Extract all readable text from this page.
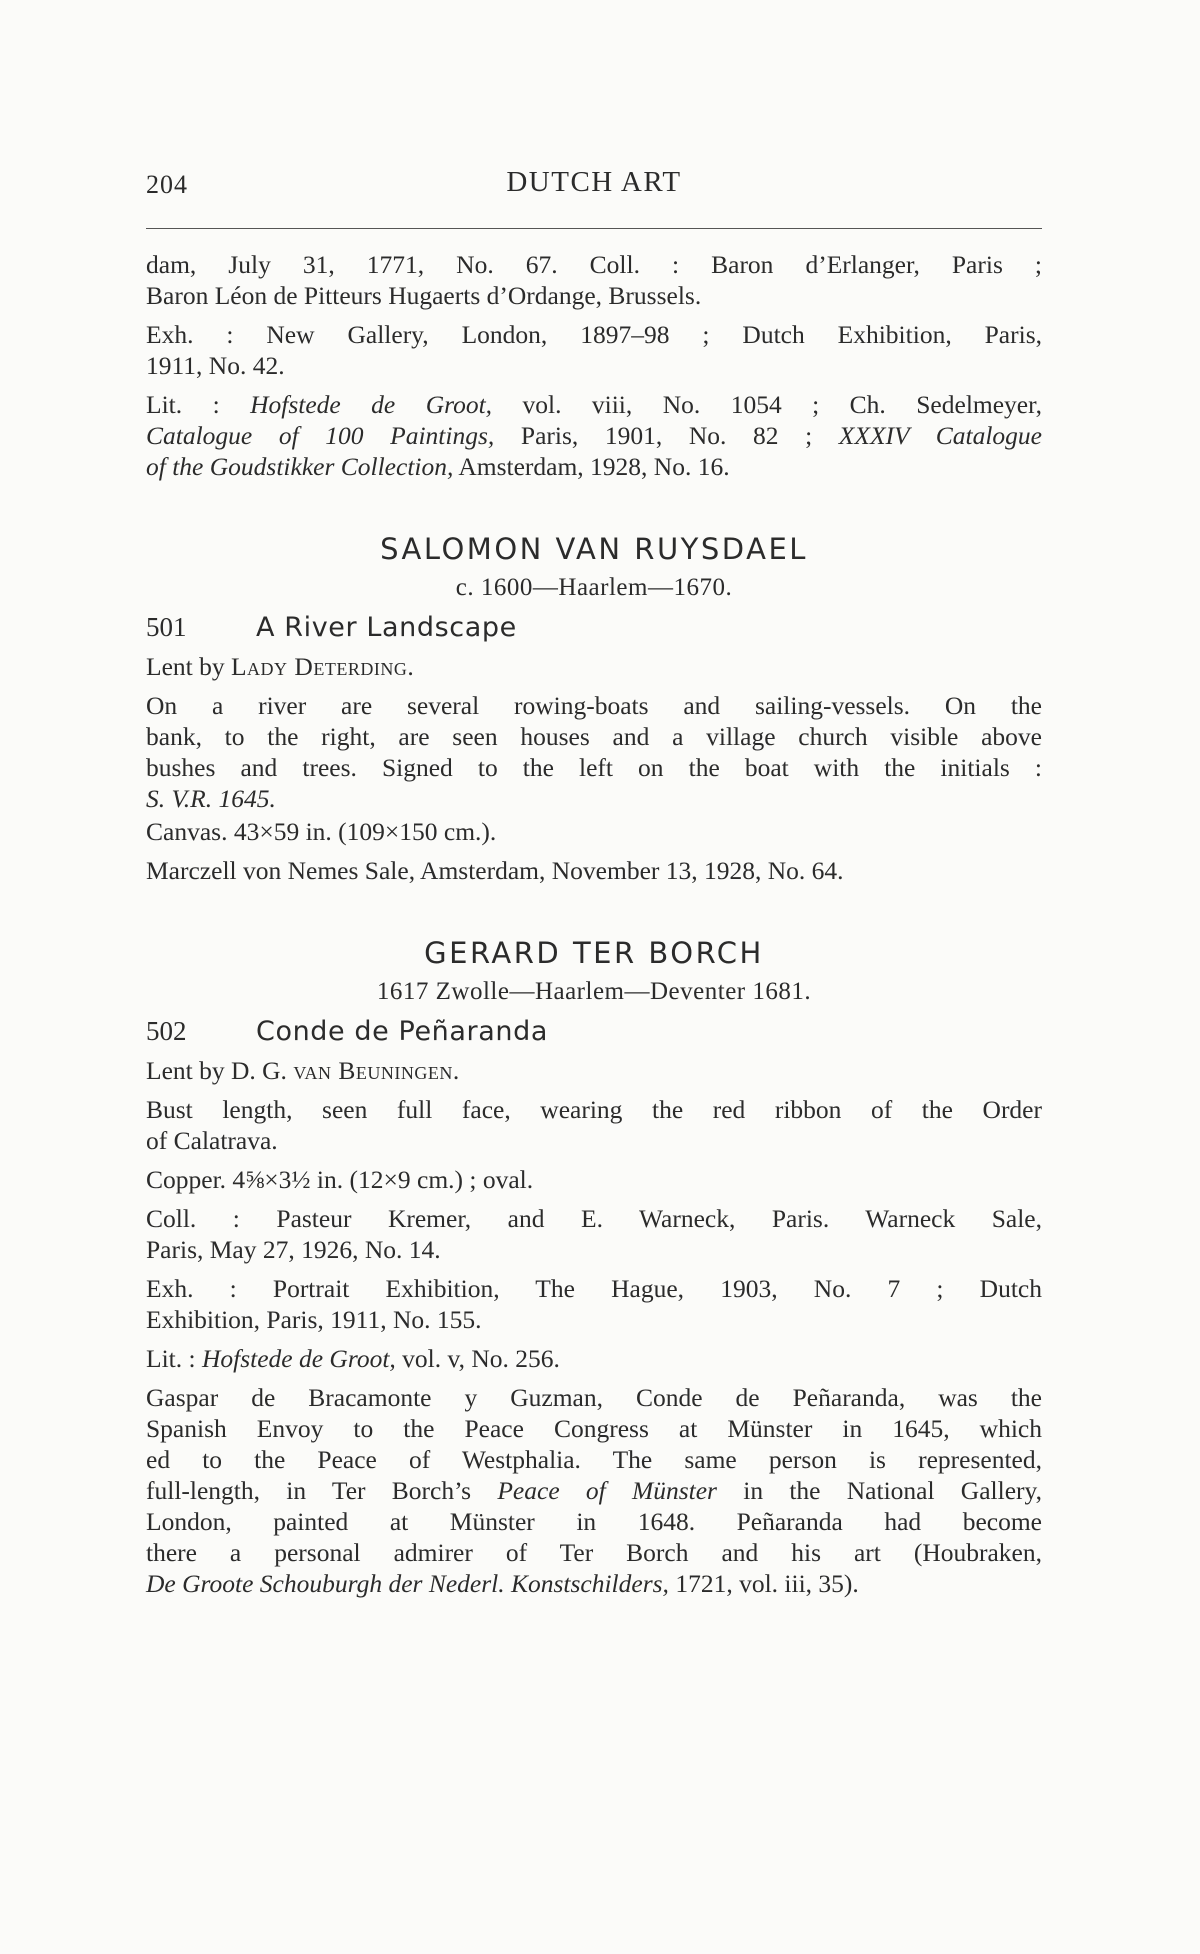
204	DUTCH ART

dam, July 31, 1771, No. 67. Coll. : Baron d’Erlanger, Paris ;
Baron Léon de Pitteurs Hugaerts d’Ordange, Brussels.

Exh. : New Gallery, London, 1897–98 ; Dutch Exhibition, Paris,
1911, No. 42.

Lit. : Hofstede de Groot, vol. viii, No. 1054 ; Ch. Sedelmeyer,
Catalogue of 100 Paintings, Paris, 1901, No. 82 ; XXXIV Catalogue
of the Goudstikker Collection, Amsterdam, 1928, No. 16.

SALOMON VAN RUYSDAEL
c. 1600—Haarlem—1670.
501	A River Landscape

Lent by Lady Deterding.

On a river are several rowing-boats and sailing-vessels. On the
bank, to the right, are seen houses and a village church visible above
bushes and trees. Signed to the left on the boat with the initials :
S. V.R. 1645.

Canvas. 43×59 in. (109×150 cm.).

Marczell von Nemes Sale, Amsterdam, November 13, 1928, No. 64.

GERARD TER BORCH
1617 Zwolle—Haarlem—Deventer 1681.
502	Conde de Peñaranda

Lent by D. G. van Beuningen.

Bust length, seen full face, wearing the red ribbon of the Order
of Calatrava.

Copper. 4⅝×3½ in. (12×9 cm.) ; oval.

Coll. : Pasteur Kremer, and E. Warneck, Paris. Warneck Sale,
Paris, May 27, 1926, No. 14.

Exh. : Portrait Exhibition, The Hague, 1903, No. 7 ; Dutch
Exhibition, Paris, 1911, No. 155.

Lit. : Hofstede de Groot, vol. v, No. 256.

Gaspar de Bracamonte y Guzman, Conde de Peñaranda, was the
Spanish Envoy to the Peace Congress at Münster in 1645, which
ed to the Peace of Westphalia. The same person is represented,
full-length, in Ter Borch’s Peace of Münster in the National Gallery,
London, painted at Münster in 1648. Peñaranda had become
there a personal admirer of Ter Borch and his art (Houbraken,
De Groote Schouburgh der Nederl. Konstschilders, 1721, vol. iii, 35).
